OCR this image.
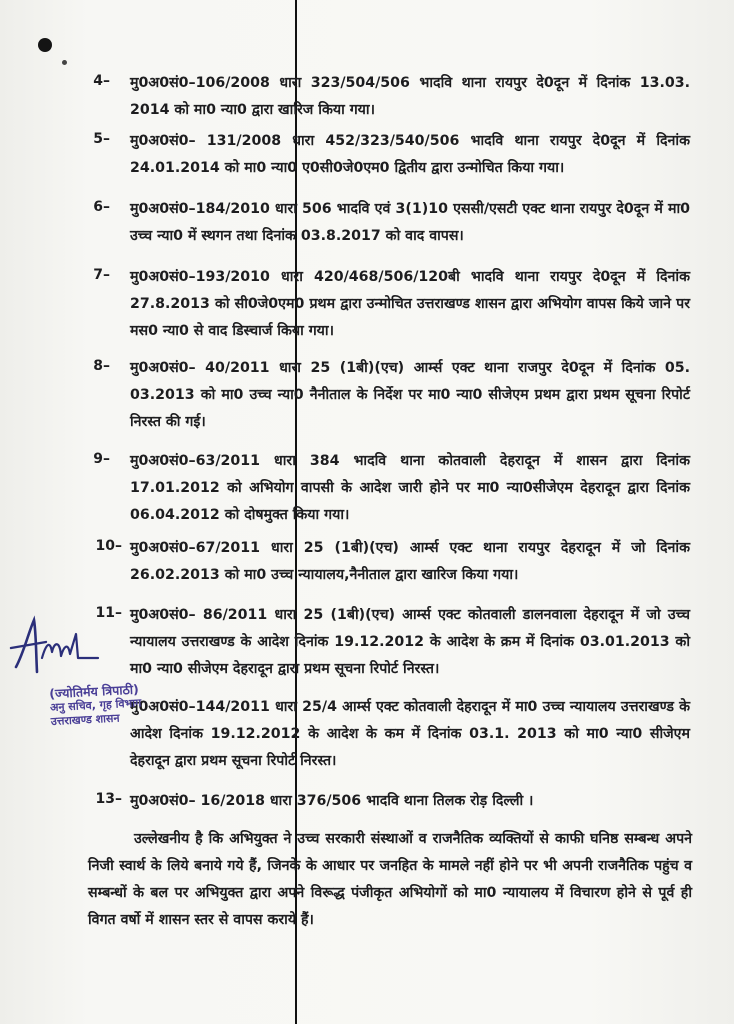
4– मु0अ0सं0–106/2008 धारा 323/504/506 भादवि थाना रायपुर दे0दून में दिनांक 13.03. 2014 को मा0 न्या0 द्वारा खारिज किया गया।
5– मु0अ0सं0– 131/2008 धारा 452/323/540/506 भादवि थाना रायपुर दे0दून में दिनांक 24.01.2014 को मा0 न्या0 ए0सी0जे0एम0 द्वितीय द्वारा उन्मोचित किया गया।
6– मु0अ0सं0–184/2010 धारा 506 भादवि एवं 3(1)10 एससी/एसटी एक्ट थाना रायपुर दे0दून में मा0 उच्च न्या0 में स्थगन तथा दिनांक 03.8.2017 को वाद वापस।
7– मु0अ0सं0–193/2010 धारा 420/468/506/120बी भादवि थाना रायपुर दे0दून में दिनांक 27.8.2013 को सी0जे0एम0 प्रथम द्वारा उन्मोचित उत्तराखण्ड शासन द्वारा अभियोग वापस किये जाने पर मस0 न्या0 से वाद डिस्चार्ज किया गया।
8– मु0अ0सं0– 40/2011 धारा 25 (1बी)(एच) आर्म्स एक्ट थाना राजपुर दे0दून में दिनांक 05. 03.2013 को मा0 उच्च न्या0 नैनीताल के निर्देश पर मा0 न्या0 सीजेएम प्रथम द्वारा प्रथम सूचना रिपोर्ट निरस्त की गई।
9– मु0अ0सं0–63/2011 धारा 384 भादवि थाना कोतवाली देहरादून में शासन द्वारा दिनांक 17.01.2012 को अभियोग वापसी के आदेश जारी होने पर मा0 न्या0सीजेएम देहरादून द्वारा दिनांक 06.04.2012 को दोषमुक्त किया गया।
10– मु0अ0सं0–67/2011 धारा 25 (1बी)(एच) आर्म्स एक्ट थाना रायपुर देहरादून में जो दिनांक 26.02.2013 को मा0 उच्च न्यायालय,नैनीताल द्वारा खारिज किया गया।
11– मु0अ0सं0– 86/2011 धारा 25 (1बी)(एच) आर्म्स एक्ट कोतवाली डालनवाला देहरादून में जो उच्च न्यायालय उत्तराखण्ड के आदेश दिनांक 19.12.2012 के आदेश के क्रम में दिनांक 03.01.2013 को मा0 न्या0 सीजेएम देहरादून द्वारा प्रथम सूचना रिपोर्ट निरस्त।
मु0अ0सं0–144/2011 धारा 25/4 आर्म्स एक्ट कोतवाली देहरादून में मा0 उच्च न्यायालय उत्तराखण्ड के आदेश दिनांक 19.12.2012 के आदेश के कम में दिनांक 03.1. 2013 को मा0 न्या0 सीजेएम देहरादून द्वारा प्रथम सूचना रिपोर्ट निरस्त।
13– मु0अ0सं0– 16/2018 धारा 376/506 भादवि थाना तिलक रोड़ दिल्ली ।
उल्लेखनीय है कि अभियुक्त ने उच्च सरकारी संस्थाओं व राजनैतिक व्यक्तियों से काफी घनिष्ठ सम्बन्ध अपने निजी स्वार्थ के लिये बनाये गये हैं, जिनके के आधार पर जनहित के मामले नहीं होने पर भी अपनी राजनैतिक पहुंच व सम्बन्धों के बल पर अभियुक्त द्वारा अपने विरूद्ध पंजीकृत अभियोगों को मा0 न्यायालय में विचारण होने से पूर्व ही विगत वर्षो में शासन स्तर से वापस कराये हैं।
(ज्योतिर्मय त्रिपाठी)
अनु सचिव, गृह विभाग
उत्तराखण्ड शासन
